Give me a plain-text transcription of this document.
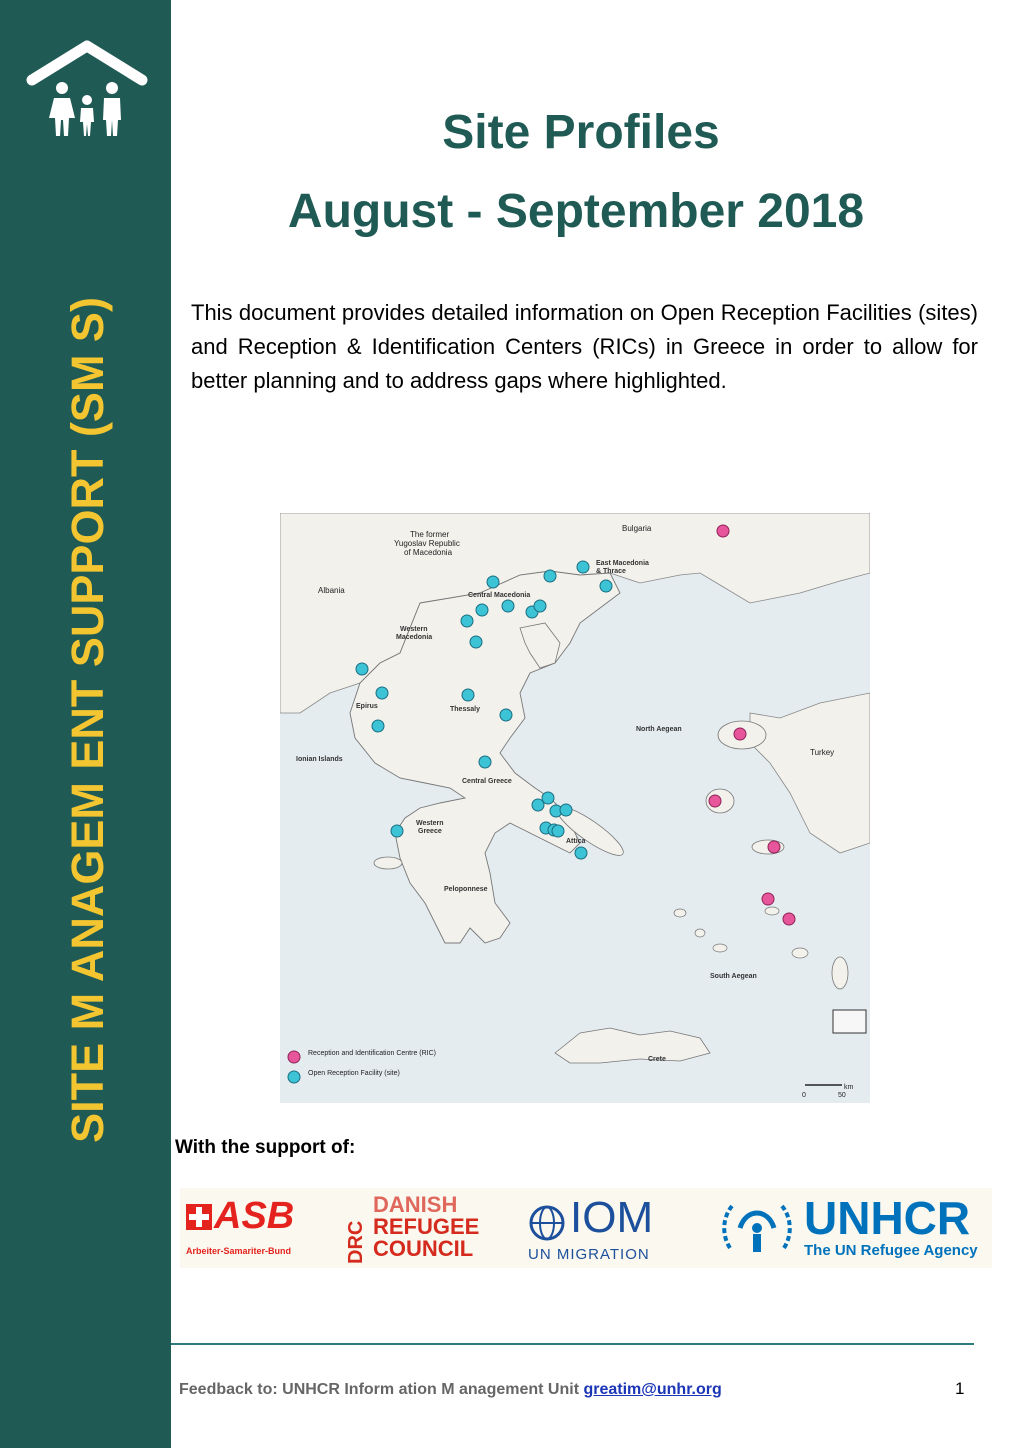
SITE M ANAGEM ENT SUPPORT (SM S)
Site Profiles
August - September 2018
This document provides detailed information on Open Reception Facilities (sites) and Reception & Identification Centers (RICs) in Greece in order to allow for better planning and to address gaps where highlighted.
The former Yugoslav Republic of Macedonia
Bulgaria
Albania
Turkey
East Macedonia & Thrace
Central Macedonia
Western Macedonia
Epirus	Thessaly
North Aegean
Ionian Islands
Central Greece
Western Greece
Attica
Peloponnese
South Aegean
Crete
Reception and Identification Centre (RIC)
Open Reception Facility (site)
0	50
km
With the support of:
ASB
Arbeiter-Samariter-Bund	DRC
DANISH
REFUGEE
COUNCIL
IOM
UN MIGRATION
UNHCR
The UN Refugee Agency
Feedback to: UNHCR Inform ation M anagement Unit greatim@unhr.org	1
